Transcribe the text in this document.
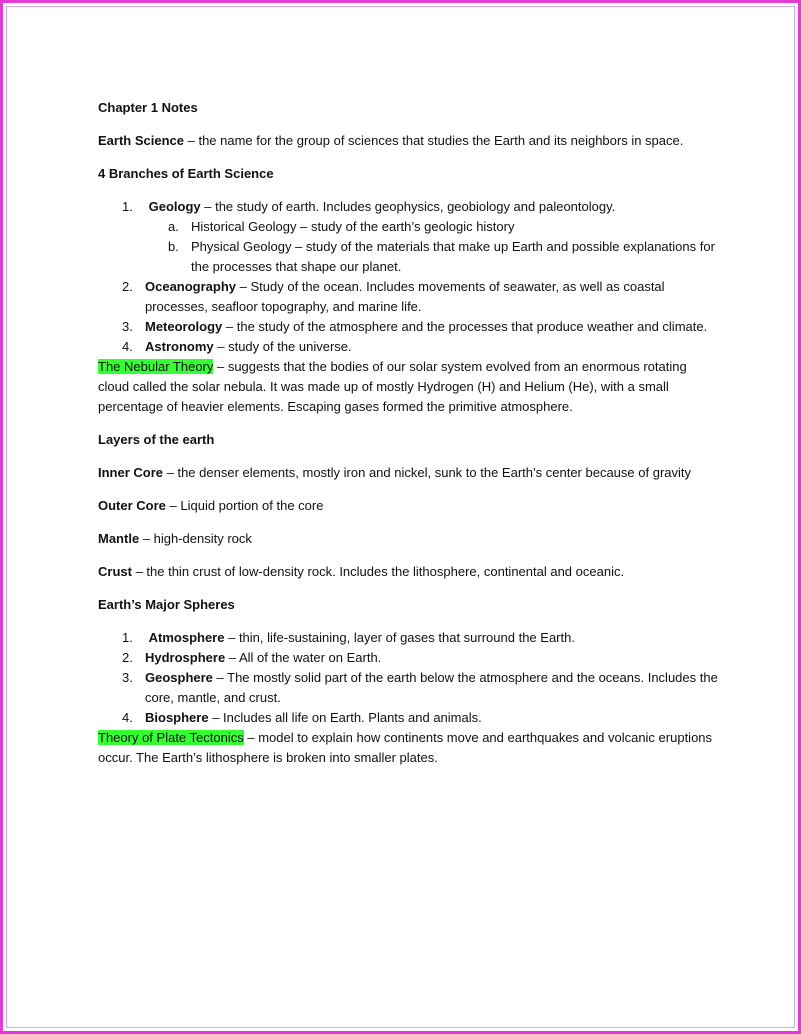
Chapter 1 Notes
Earth Science – the name for the group of sciences that studies the Earth and its neighbors in space.
4 Branches of Earth Science
1. Geology – the study of earth. Includes geophysics, geobiology and paleontology.
a. Historical Geology – study of the earth’s geologic history
b. Physical Geology – study of the materials that make up Earth and possible explanations for the processes that shape our planet.
2. Oceanography – Study of the ocean. Includes movements of seawater, as well as coastal processes, seafloor topography, and marine life.
3. Meteorology – the study of the atmosphere and the processes that produce weather and climate.
4. Astronomy – study of the universe.
The Nebular Theory – suggests that the bodies of our solar system evolved from an enormous rotating cloud called the solar nebula. It was made up of mostly Hydrogen (H) and Helium (He), with a small percentage of heavier elements. Escaping gases formed the primitive atmosphere.
Layers of the earth
Inner Core – the denser elements, mostly iron and nickel, sunk to the Earth’s center because of gravity
Outer Core – Liquid portion of the core
Mantle – high-density rock
Crust – the thin crust of low-density rock. Includes the lithosphere, continental and oceanic.
Earth’s Major Spheres
1. Atmosphere – thin, life-sustaining, layer of gases that surround the Earth.
2. Hydrosphere – All of the water on Earth.
3. Geosphere – The mostly solid part of the earth below the atmosphere and the oceans. Includes the core, mantle, and crust.
4. Biosphere – Includes all life on Earth. Plants and animals.
Theory of Plate Tectonics – model to explain how continents move and earthquakes and volcanic eruptions occur. The Earth’s lithosphere is broken into smaller plates.
